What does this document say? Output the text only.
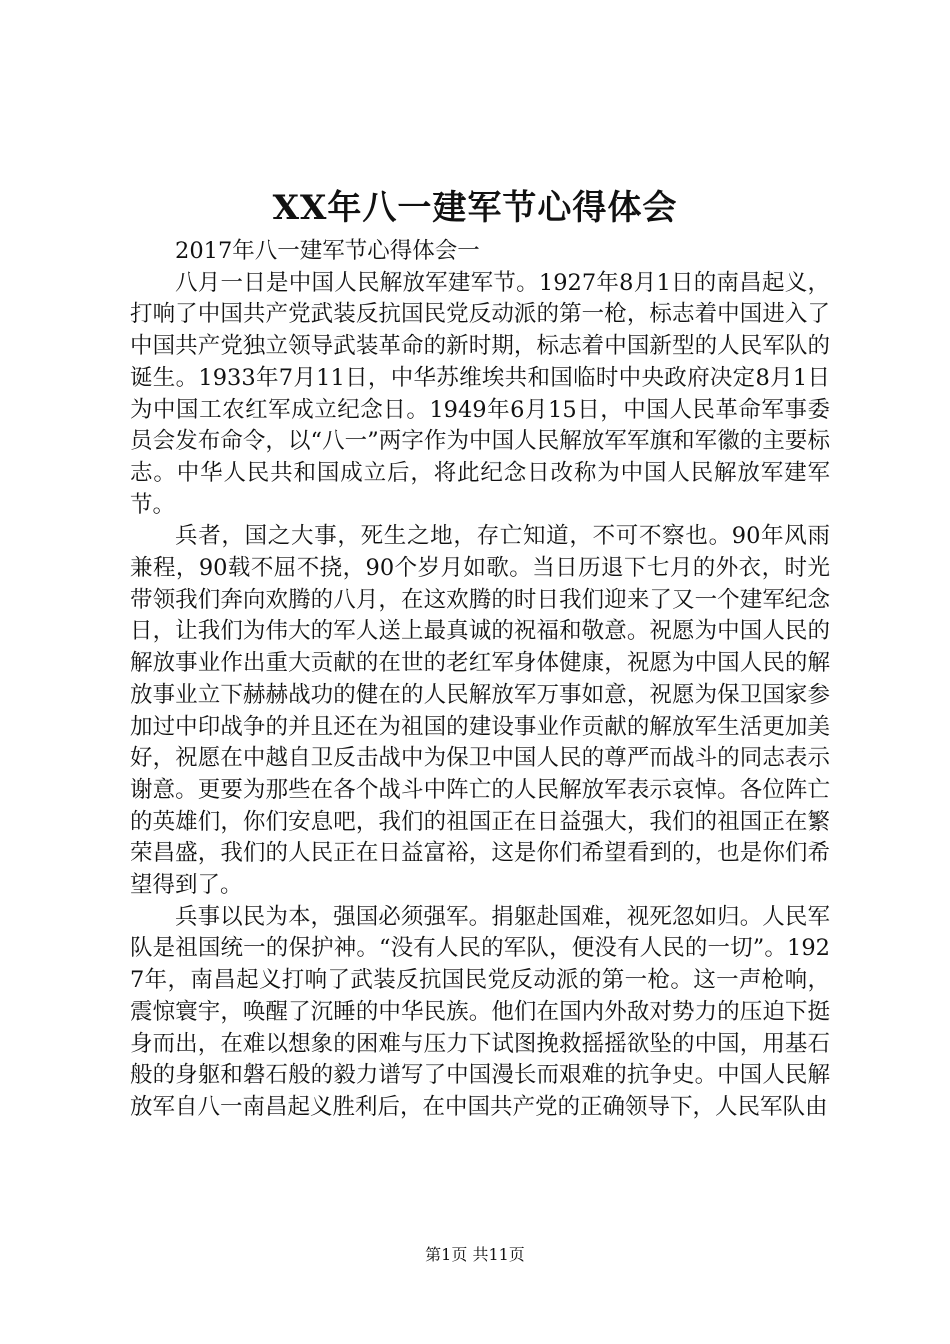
XX年八一建军节心得体会

2017年八一建军节心得体会一

八月一日是中国人民解放军建军节。1927年8月1日的南昌起义，打响了中国共产党武装反抗国民党反动派的第一枪，标志着中国进入了中国共产党独立领导武装革命的新时期，标志着中国新型的人民军队的诞生。1933年7月11日，中华苏维埃共和国临时中央政府决定8月1日为中国工农红军成立纪念日。1949年6月15日，中国人民革命军事委员会发布命令，以“八一”两字作为中国人民解放军军旗和军徽的主要标志。中华人民共和国成立后，将此纪念日改称为中国人民解放军建军节。

兵者，国之大事，死生之地，存亡知道，不可不察也。90年风雨兼程，90载不屈不挠，90个岁月如歌。当日历退下七月的外衣，时光带领我们奔向欢腾的八月，在这欢腾的时日我们迎来了又一个建军纪念日，让我们为伟大的军人送上最真诚的祝福和敬意。祝愿为中国人民的解放事业作出重大贡献的在世的老红军身体健康，祝愿为中国人民的解放事业立下赫赫战功的健在的人民解放军万事如意，祝愿为保卫国家参加过中印战争的并且还在为祖国的建设事业作贡献的解放军生活更加美好，祝愿在中越自卫反击战中为保卫中国人民的尊严而战斗的同志表示谢意。更要为那些在各个战斗中阵亡的人民解放军表示哀悼。各位阵亡的英雄们，你们安息吧，我们的祖国正在日益强大，我们的祖国正在繁荣昌盛，我们的人民正在日益富裕，这是你们希望看到的，也是你们希望得到了。

兵事以民为本，强国必须强军。捐躯赴国难，视死忽如归。人民军队是祖国统一的保护神。“没有人民的军队，便没有人民的一切”。1927年，南昌起义打响了武装反抗国民党反动派的第一枪。这一声枪响，震惊寰宇，唤醒了沉睡的中华民族。他们在国内外敌对势力的压迫下挺身而出，在难以想象的困难与压力下试图挽救摇摇欲坠的中国，用基石般的身躯和磐石般的毅力谱写了中国漫长而艰难的抗争史。中国人民解放军自八一南昌起义胜利后，在中国共产党的正确领导下，人民军队由

第1页 共11页
